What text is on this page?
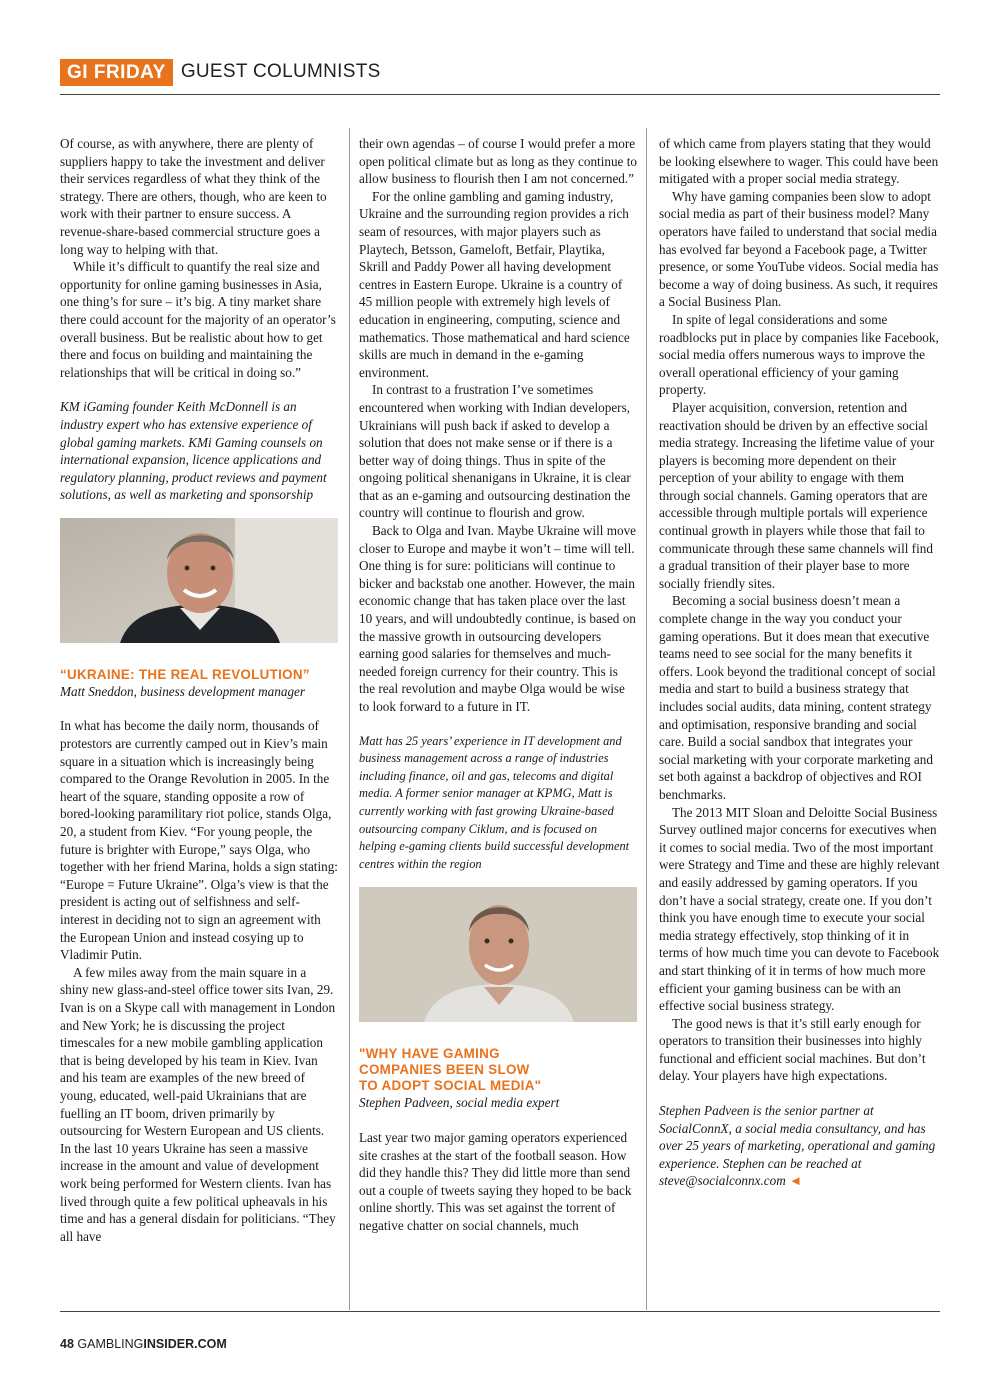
GI FRIDAY GUEST COLUMNISTS

Of course, as with anywhere, there are plenty of suppliers happy to take the investment and deliver their services regardless of what they think of the strategy. There are others, though, who are keen to work with their partner to ensure success. A revenue-share-based commercial structure goes a long way to helping with that.

While it’s difficult to quantify the real size and opportunity for online gaming businesses in Asia, one thing’s for sure – it’s big. A tiny market share there could account for the majority of an operator’s overall business. But be realistic about how to get there and focus on building and maintaining the relationships that will be critical in doing so.”

KM iGaming founder Keith McDonnell is an industry expert who has extensive experience of global gaming markets. KMi Gaming counsels on international expansion, licence applications and regulatory planning, product reviews and payment solutions, as well as marketing and sponsorship

“UKRAINE: THE REAL REVOLUTION”
Matt Sneddon, business development manager

In what has become the daily norm, thousands of protestors are currently camped out in Kiev’s main square in a situation which is increasingly being compared to the Orange Revolution in 2005. In the heart of the square, standing opposite a row of bored-looking paramilitary riot police, stands Olga, 20, a student from Kiev. “For young people, the future is brighter with Europe,” says Olga, who together with her friend Marina, holds a sign stating: “Europe = Future Ukraine”. Olga’s view is that the president is acting out of selfishness and self-interest in deciding not to sign an agreement with the European Union and instead cosying up to Vladimir Putin.

A few miles away from the main square in a shiny new glass-and-steel office tower sits Ivan, 29. Ivan is on a Skype call with management in London and New York; he is discussing the project timescales for a new mobile gambling application that is being developed by his team in Kiev. Ivan and his team are examples of the new breed of young, educated, well-paid Ukrainians that are fuelling an IT boom, driven primarily by outsourcing for Western European and US clients. In the last 10 years Ukraine has seen a massive increase in the amount and value of development work being performed for Western clients. Ivan has lived through quite a few political upheavals in his time and has a general disdain for politicians. “They all have

their own agendas – of course I would prefer a more open political climate but as long as they continue to allow business to flourish then I am not concerned.”

For the online gambling and gaming industry, Ukraine and the surrounding region provides a rich seam of resources, with major players such as Playtech, Betsson, Gameloft, Betfair, Playtika, Skrill and Paddy Power all having development centres in Eastern Europe. Ukraine is a country of 45 million people with extremely high levels of education in engineering, computing, science and mathematics. Those mathematical and hard science skills are much in demand in the e-gaming environment.

In contrast to a frustration I’ve sometimes encountered when working with Indian developers, Ukrainians will push back if asked to develop a solution that does not make sense or if there is a better way of doing things. Thus in spite of the ongoing political shenanigans in Ukraine, it is clear that as an e-gaming and outsourcing destination the country will continue to flourish and grow.

Back to Olga and Ivan. Maybe Ukraine will move closer to Europe and maybe it won’t – time will tell. One thing is for sure: politicians will continue to bicker and backstab one another. However, the main economic change that has taken place over the last 10 years, and will undoubtedly continue, is based on the massive growth in outsourcing developers earning good salaries for themselves and much-needed foreign currency for their country. This is the real revolution and maybe Olga would be wise to look forward to a future in IT.

Matt has 25 years’ experience in IT development and business management across a range of industries including finance, oil and gas, telecoms and digital media. A former senior manager at KPMG, Matt is currently working with fast growing Ukraine-based outsourcing company Ciklum, and is focused on helping e-gaming clients build successful development centres within the region

"WHY HAVE GAMING
COMPANIES BEEN SLOW
TO ADOPT SOCIAL MEDIA"
Stephen Padveen, social media expert

Last year two major gaming operators experienced site crashes at the start of the football season. How did they handle this? They did little more than send out a couple of tweets saying they hoped to be back online shortly. This was set against the torrent of negative chatter on social channels, much

of which came from players stating that they would be looking elsewhere to wager. This could have been mitigated with a proper social media strategy.

Why have gaming companies been slow to adopt social media as part of their business model? Many operators have failed to understand that social media has evolved far beyond a Facebook page, a Twitter presence, or some YouTube videos. Social media has become a way of doing business. As such, it requires a Social Business Plan.

In spite of legal considerations and some roadblocks put in place by companies like Facebook, social media offers numerous ways to improve the overall operational efficiency of your gaming property.

Player acquisition, conversion, retention and reactivation should be driven by an effective social media strategy. Increasing the lifetime value of your players is becoming more dependent on their perception of your ability to engage with them through social channels. Gaming operators that are accessible through multiple portals will experience continual growth in players while those that fail to communicate through these same channels will find a gradual transition of their player base to more socially friendly sites.

Becoming a social business doesn’t mean a complete change in the way you conduct your gaming operations. But it does mean that executive teams need to see social for the many benefits it offers. Look beyond the traditional concept of social media and start to build a business strategy that includes social audits, data mining, content strategy and optimisation, responsive branding and social care. Build a social sandbox that integrates your social marketing with your corporate marketing and set both against a backdrop of objectives and ROI benchmarks.

The 2013 MIT Sloan and Deloitte Social Business Survey outlined major concerns for executives when it comes to social media. Two of the most important were Strategy and Time and these are highly relevant and easily addressed by gaming operators. If you don’t have a social strategy, create one. If you don’t think you have enough time to execute your social media strategy effectively, stop thinking of it in terms of how much time you can devote to Facebook and start thinking of it in terms of how much more efficient your gaming business can be with an effective social business strategy.

The good news is that it’s still early enough for operators to transition their businesses into highly functional and efficient social machines. But don’t delay. Your players have high expectations.

Stephen Padveen is the senior partner at SocialConnX, a social media consultancy, and has over 25 years of marketing, operational and gaming experience. Stephen can be reached at steve@socialconnx.com ◄

48 GAMBLINGINSIDER.COM
